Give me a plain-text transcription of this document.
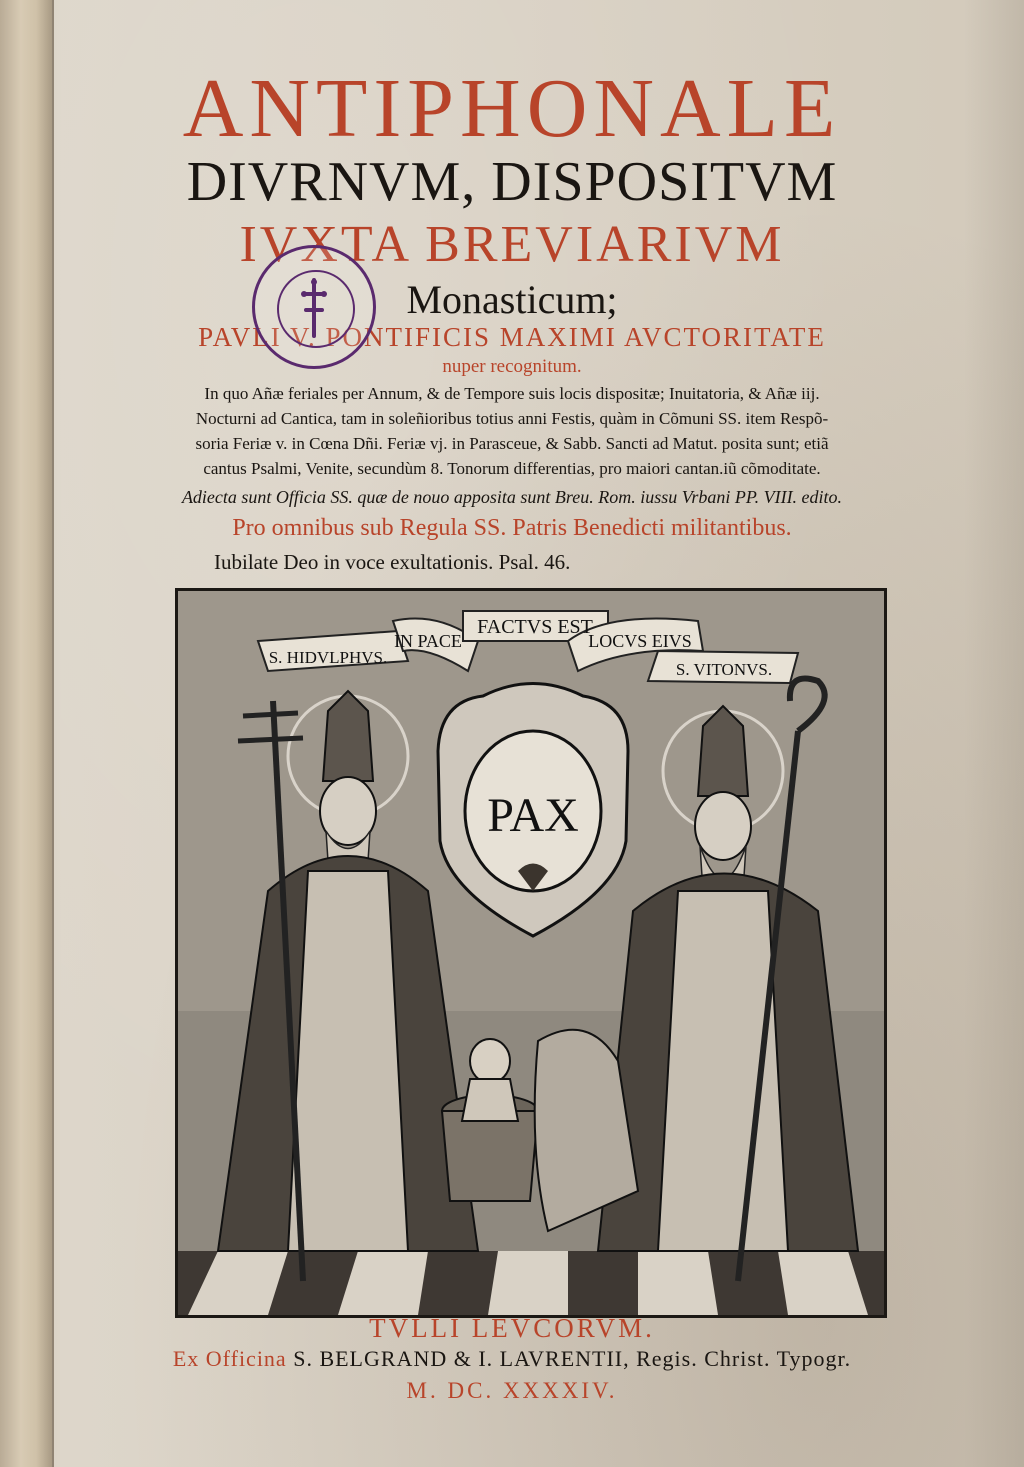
ANTIPHONALE
DIVRNVM, DISPOSITVM
IVXTA BREVIARIVM
Monasticum;
PAVLI V. PONTIFICIS MAXIMI AVCTORITATE
nuper recognitum.
In quo Añæ feriales per Annum, & de Tempore suis locis dispositæ; Inuitatoria, & Añæ iij.
Nocturni ad Cantica, tam in soleñioribus totius anni Festis, quàm in Cõmuni SS. item Respõ-
soria Feriæ v. in Cœna Dñi. Feriæ vj. in Parasceue, & Sabb. Sancti ad Matut. posita sunt; etiã
cantus Psalmi, Venite, secundùm 8. Tonorum differentias, pro maiori cantan.iũ cõmoditate.
Adiecta sunt Officia SS. quæ de nouo apposita sunt Breu. Rom. iussu Vrbani PP. VIII. edito.
Pro omnibus sub Regula SS. Patris Benedicti militantibus.
Iubilate Deo in voce exultationis. Psal. 46.
FACTVS EST
IN PACE	LOCVS EIVS
S. HIDVLPHVS.
S. VITONVS.
PAX
TVLLI LEVCORVM.
Ex Officina S. BELGRAND & I. LAVRENTII, Regis. Christ. Typogr.
M. DC. XXXXIV.
